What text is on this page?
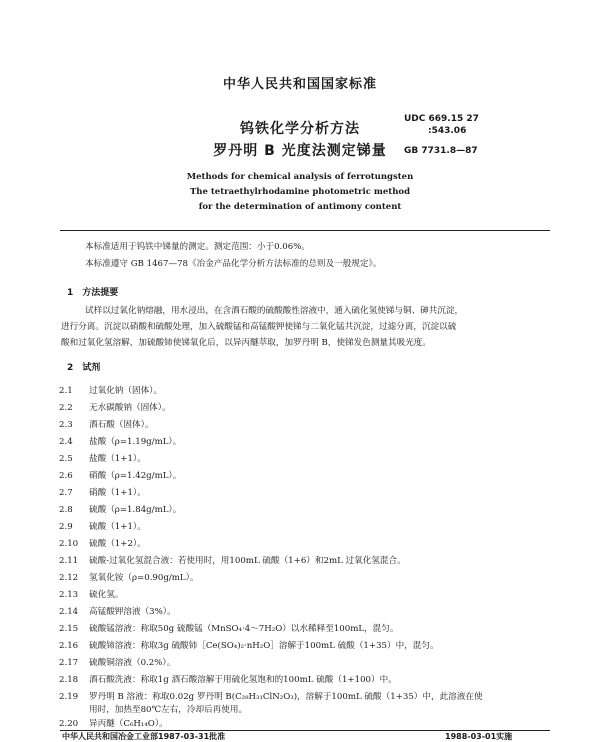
中华人民共和国国家标准
钨铁化学分析方法
罗丹明 B 光度法测定锑量
UDC 669.15 27
:543.06
GB 7731.8—87
Methods for chemical analysis of ferrotungsten
The tetraethylrhodamine photometric method
for the determination of antimony content
本标准适用于钨铁中锑量的测定。测定范围：小于0.06%。
本标准遵守 GB 1467—78《冶金产品化学分析方法标准的总则及一般规定》。
1　方法提要
试样以过氧化钠熔融，用水浸出，在含酒石酸的硫酸酸性溶液中，通入硫化氢使锑与铜、砷共沉淀，
进行分离。沉淀以硝酸和硫酸处理，加入硫酸锰和高锰酸钾使锑与二氧化锰共沉淀，过滤分离，沉淀以硫
酸和过氧化氢溶解，加硫酸铈使锑氧化后，以异丙醚萃取，加罗丹明 B，使锑发色测量其吸光度。
2　试剂
2.1 过氧化钠（固体）。
2.2 无水碳酸钠（固体）。
2.3 酒石酸（固体）。
2.4 盐酸（ρ=1.19g/mL）。
2.5 盐酸（1+1）。
2.6 硝酸（ρ=1.42g/mL）。
2.7 硝酸（1+1）。
2.8 硫酸（ρ=1.84g/mL）。
2.9 硫酸（1+1）。
2.10 硫酸（1+2）。
2.11 硫酸-过氧化氢混合液：若使用时，用100mL 硫酸（1+6）和2mL 过氧化氢混合。
2.12 氢氧化铵（ρ=0.90g/mL）。
2.13 硫化氢。
2.14 高锰酸钾溶液（3%）。
2.15 硫酸锰溶液：称取50g 硫酸锰（MnSO₄·4～7H₂O）以水稀释至100mL，混匀。
2.16 硫酸铈溶液：称取3g 硫酸铈［Ce(SO₄)₂·nH₂O］溶解于100mL 硫酸（1+35）中，混匀。
2.17 硫酸铜溶液（0.2%）。
2.18 酒石酸洗液：称取1g 酒石酸溶解于用硫化氢饱和的100mL 硫酸（1+100）中。
2.19 罗丹明 B 溶液：称取0.02g 罗丹明 B(C₂₈H₃₁ClN₂O₃)，溶解于100mL 硫酸（1+35）中，此溶液在使
用时，加热至80℃左右，冷却后再使用。
2.20 异丙醚（C₆H₁₄O）。
中华人民共和国冶金工业部1987-03-31批准	1988-03-01实施
